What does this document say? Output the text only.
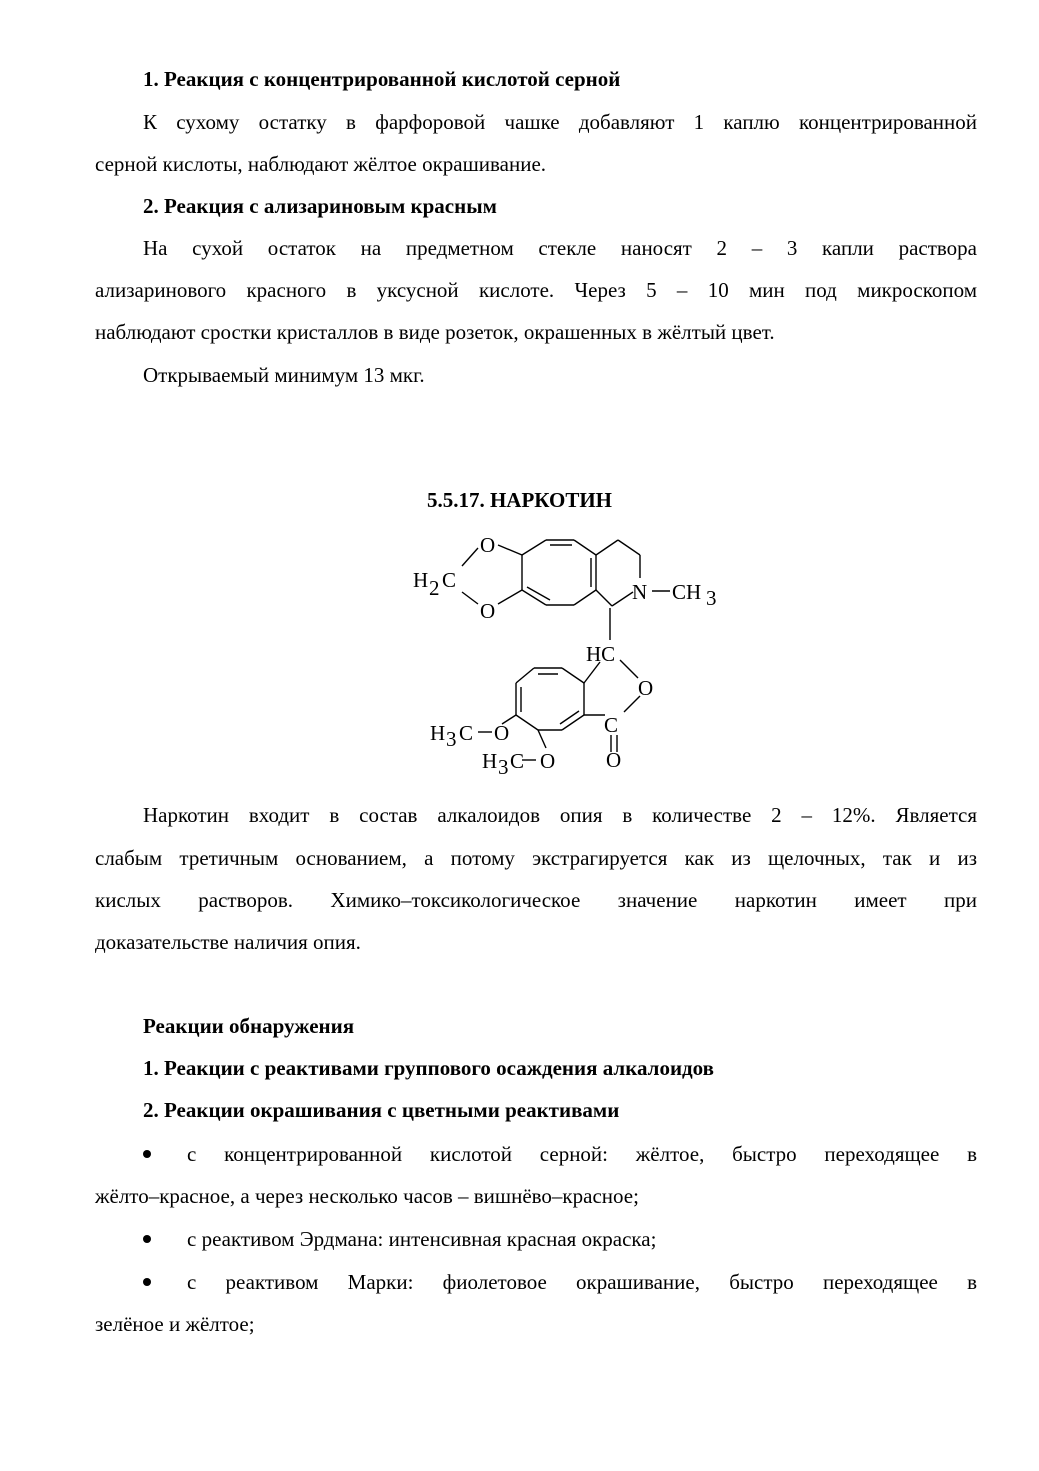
1. Реакция с концентрированной кислотой серной
К сухому остатку в фарфоровой чашке добавляют 1 каплю концентрированной
серной кислоты, наблюдают жёлтое окрашивание.
2. Реакция с ализариновым красным
На сухой остаток на предметном стекле наносят 2 – 3 капли раствора
ализаринового красного в уксусной кислоте. Через 5 – 10 мин под микроскопом
наблюдают сростки кристаллов в виде розеток, окрашенных в жёлтый цвет.
Открываемый минимум 13 мкг.
5.5.17. НАРКОТИН
O
H 2 C
O
N CH 3
HC
O
C
O
H 3 C O
H 3 C O
Наркотин входит в состав алкалоидов опия в количестве 2 – 12%. Является
слабым третичным основанием, а потому экстрагируется как из щелочных, так и из
кислых растворов. Химико–токсикологическое значение наркотин имеет при
доказательстве наличия опия.
Реакции обнаружения
1. Реакции с реактивами группового осаждения алкалоидов
2. Реакции окрашивания с цветными реактивами
с концентрированной кислотой серной: жёлтое, быстро переходящее в
жёлто–красное, а через несколько часов – вишнёво–красное;
с реактивом Эрдмана: интенсивная красная окраска;
с реактивом Марки: фиолетовое окрашивание, быстро переходящее в
зелёное и жёлтое;
